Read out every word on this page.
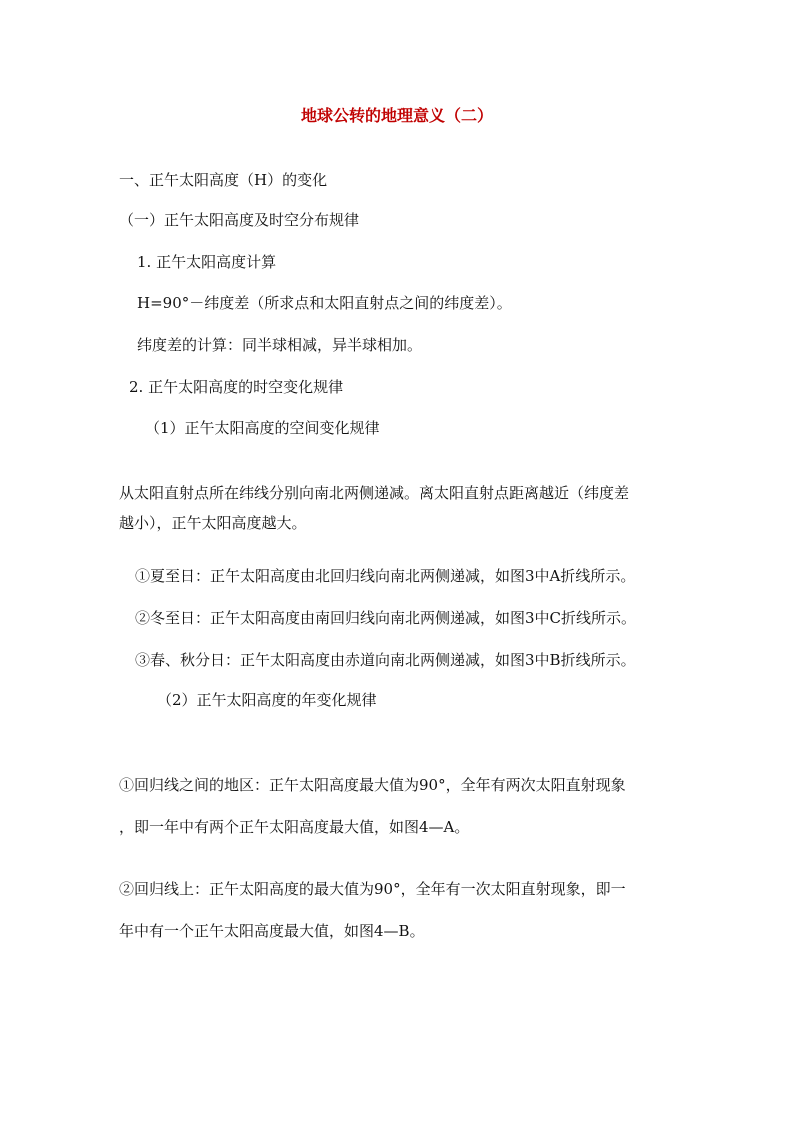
地球公转的地理意义（二）
一、正午太阳高度（H）的变化
（一）正午太阳高度及时空分布规律
1. 正午太阳高度计算
H=90°－纬度差（所求点和太阳直射点之间的纬度差）。
纬度差的计算：同半球相减，异半球相加。
2. 正午太阳高度的时空变化规律
（1）正午太阳高度的空间变化规律
从太阳直射点所在纬线分别向南北两侧递减。离太阳直射点距离越近（纬度差
越小），正午太阳高度越大。
①夏至日：正午太阳高度由北回归线向南北两侧递减，如图3中A折线所示。
②冬至日：正午太阳高度由南回归线向南北两侧递减，如图3中C折线所示。
③春、秋分日：正午太阳高度由赤道向南北两侧递减，如图3中B折线所示。
（2）正午太阳高度的年变化规律
①回归线之间的地区：正午太阳高度最大值为90°，全年有两次太阳直射现象
，即一年中有两个正午太阳高度最大值，如图4—A。
②回归线上：正午太阳高度的最大值为90°，全年有一次太阳直射现象，即一
年中有一个正午太阳高度最大值，如图4—B。
